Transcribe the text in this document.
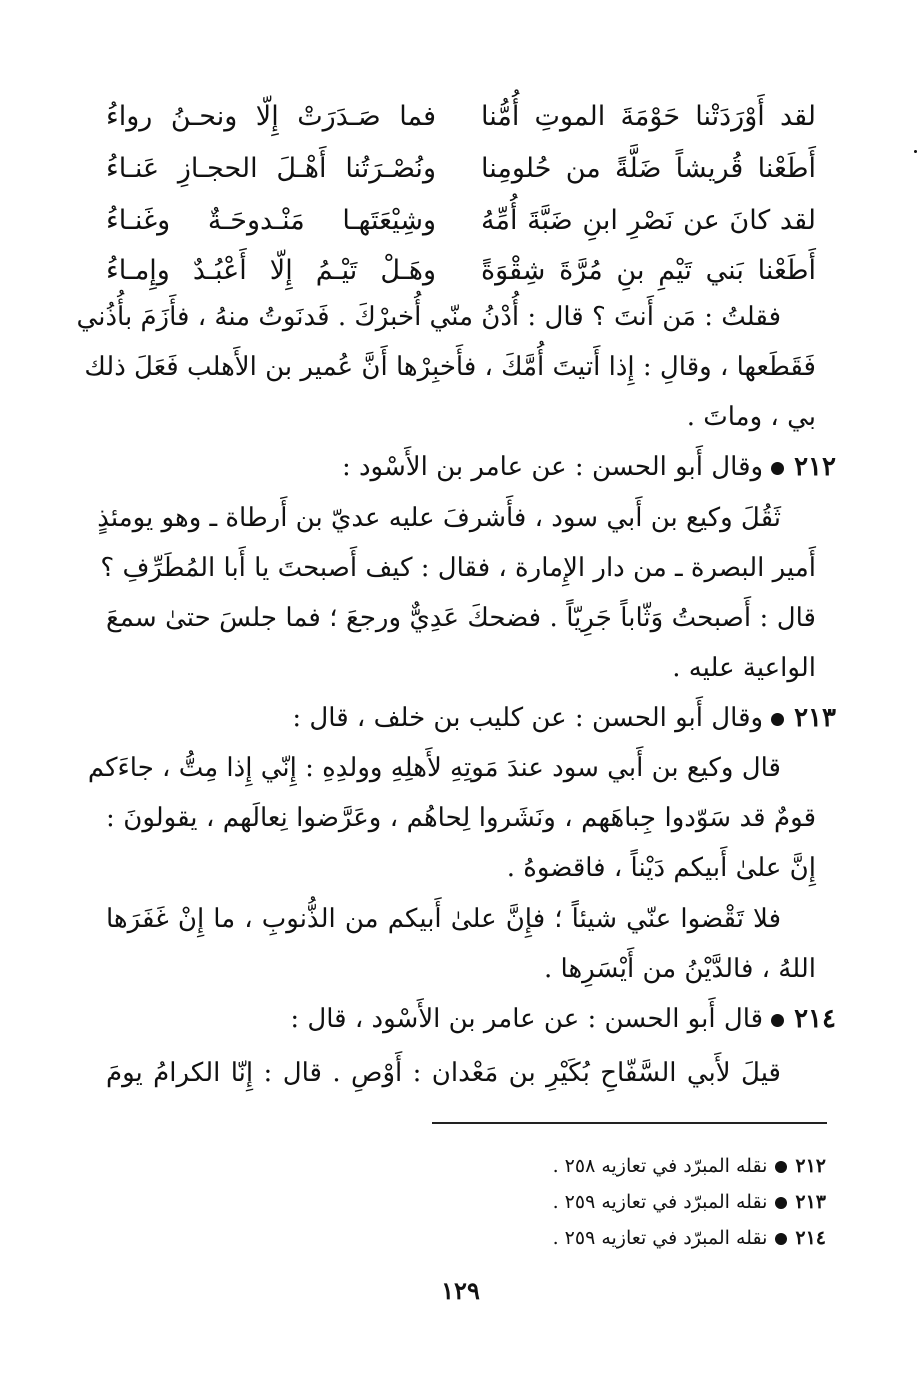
لقد أَوْرَدَتْنا حَوْمَةَ الموتِ أُمُّنا
فما صَـدَرَتْ إِلّا ونحـنُ رواءُ
أَطَعْنا قُريشاً ضَلَّةً من حُلومِنا
ونُصْـرَتُنا أَهْـلَ الحجـازِ عَنـاءُ
لقد كانَ عن نَصْرِ ابنِ ضَبَّةَ أُمِّهُ
وشِيْعَتَهـا مَنْـدوحَـةٌ وغَنـاءُ
أَطَعْنا بَني تَيْمِ بنِ مُرَّةَ شِقْوَةً
وهَـلْ تَيْـمُ إِلّا أَعْبُـدٌ وإِمـاءُ
فقلتُ : مَن أَنتَ ؟ قال : أُدْنُ منّي أُخبرْكَ . فَدنَوتُ منهُ ، فأَزَمَ بأُذُني
فَقَطَعها ، وقالِ : إِذا أَتيتَ أُمَّكَ ، فأَخبِرْها أَنَّ عُمير بن الأَهلب فَعَلَ ذلك
بي ، وماتَ .
٢١٢وقال أَبو الحسن : عن عامر بن الأَسْود :
ثَقُلَ وكيع بن أَبي سود ، فأَشرفَ عليه عديّ بن أَرطاة ـ وهو يومئذٍ
أَمير البصرة ـ من دار الإِمارة ، فقال : كيف أَصبحتَ يا أَبا المُطَرِّفِ ؟
قال : أَصبحتُ وَثّاباً جَرِيّاً . فضحكَ عَدِيٌّ ورجعَ ؛ فما جلسَ حتىٰ سمعَ
الواعية عليه .
٢١٣وقال أَبو الحسن : عن كليب بن خلف ، قال :
قال وكيع بن أَبي سود عندَ مَوتِهِ لأَهلِهِ وولدِهِ : إِنّي إِذا مِتُّ ، جاءَكم
قومٌ قد سَوّدوا جِباهَهم ، ونَشَروا لِحاهُم ، وعَرَّضوا نِعالَهم ، يقولونَ :
إِنَّ علىٰ أَبيكم دَيْناً ، فاقضوهُ .
فلا تَقْضوا عنّي شيئاً ؛ فإِنَّ علىٰ أَبيكم من الذُّنوبِ ، ما إِنْ غَفَرَها
اللهُ ، فالدَّيْنُ من أَيْسَرِها .
٢١٤قال أَبو الحسن : عن عامر بن الأَسْود ، قال :
قيلَ لأَبي السَّفّاحِ بُكَيْرِ بن مَعْدان : أَوْصِ . قال : إِنّا الكرامُ يومَ
٢١٢نقله المبرّد في تعازيه ٢٥٨ .
٢١٣نقله المبرّد في تعازيه ٢٥٩ .
٢١٤نقله المبرّد في تعازيه ٢٥٩ .
١٢٩
